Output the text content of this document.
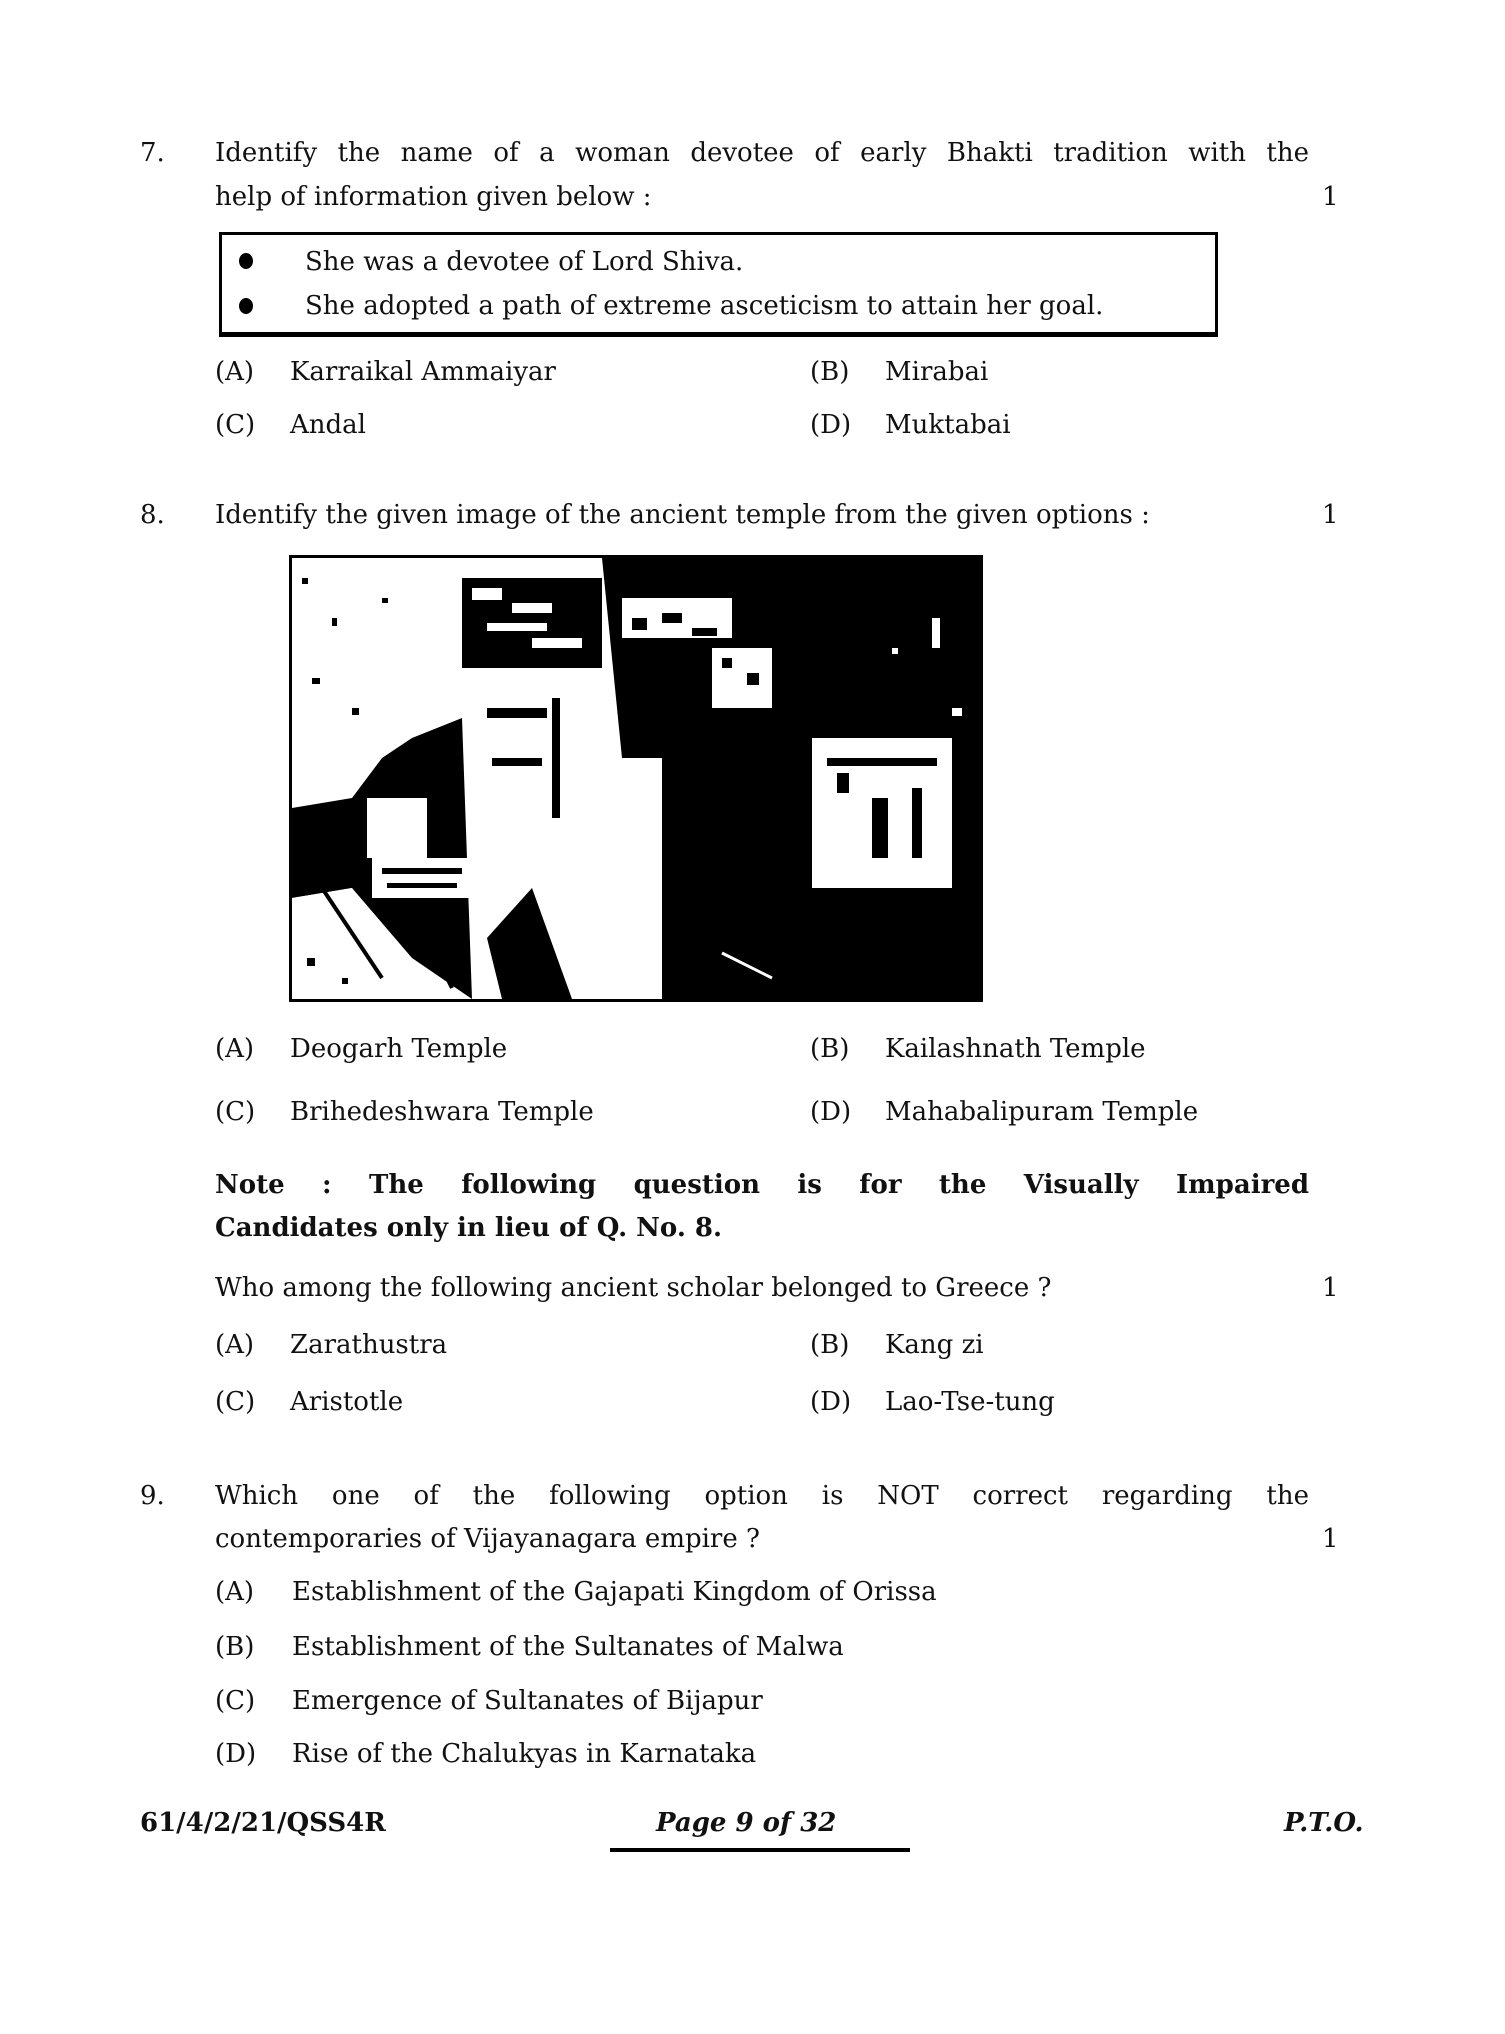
7. Identify the name of a woman devotee of early Bhakti tradition with the
help of information given below :	1
She was a devotee of Lord Shiva.
She adopted a path of extreme asceticism to attain her goal.
(A) Karraikal Ammaiyar	(B) Mirabai
(C) Andal	(D) Muktabai
8. Identify the given image of the ancient temple from the given options :	1
(A) Deogarh Temple	(B) Kailashnath Temple
(C) Brihedeshwara Temple	(D) Mahabalipuram Temple
Note : The following question is for the Visually Impaired
Candidates only in lieu of Q. No. 8.
Who among the following ancient scholar belonged to Greece ?	1
(A) Zarathustra	(B) Kang zi
(C) Aristotle	(D) Lao-Tse-tung
9. Which one of the following option is NOT correct regarding the
contemporaries of Vijayanagara empire ?	1
(A) Establishment of the Gajapati Kingdom of Orissa
(B) Establishment of the Sultanates of Malwa
(C) Emergence of Sultanates of Bijapur
(D) Rise of the Chalukyas in Karnataka
61/4/2/21/QSS4R	Page 9 of 32	P.T.O.
